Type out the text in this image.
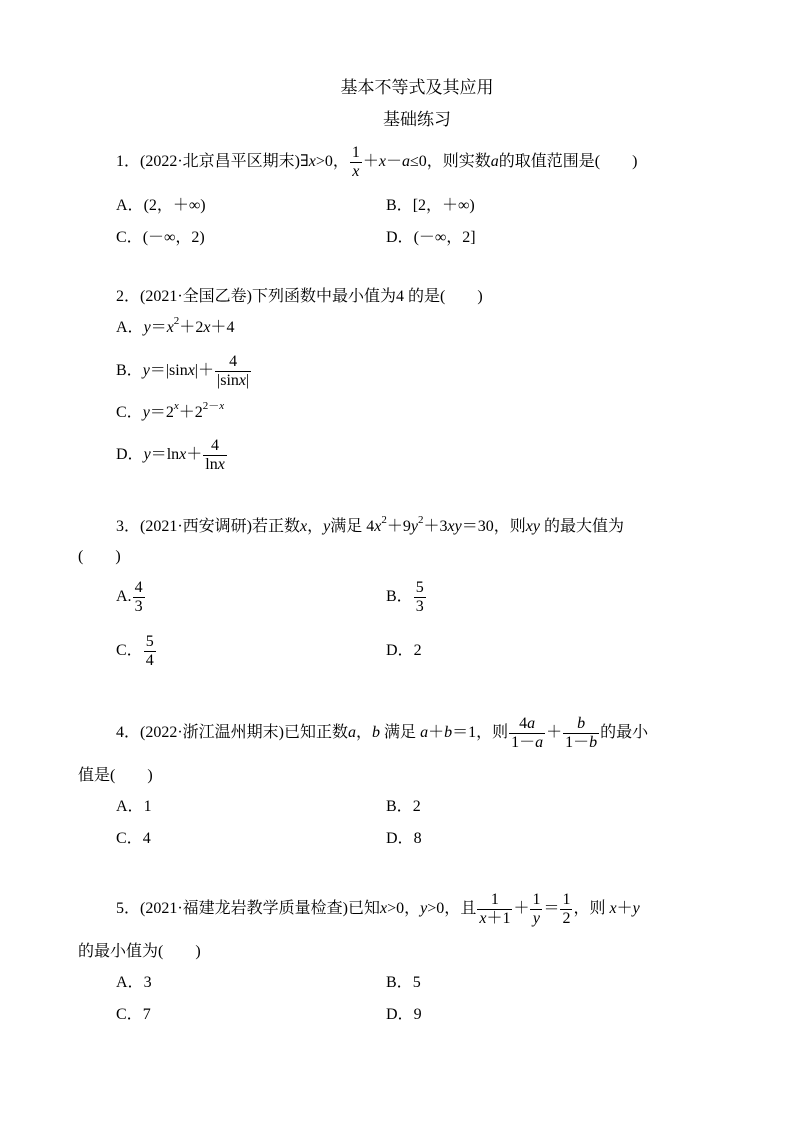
基本不等式及其应用
基础练习
1．(2022·北京昌平区期末)∃x>0， $\frac{1}{x} +x-a\le 0$，则实数a的取值范围是(　　)
A．(2，＋∞)	B．[2，＋∞)
C．(－∞，2)	D．(－∞，2]
2．(2021·全国乙卷)下列函数中最小值为4 的是(　　)
A．$y=x^2+2x+4$
B．$y=|\sin x|+ \frac{4}{|\sin x|}$
C．$y=2^x+2^{2-x}$
D．$y=\ln x+ \frac{4}{\ln x}$
3．(2021·西安调研)若正数x，y满足 $4x^2+9y^2+3xy=30$，则xy 的最大值为
(　　)
A. $\frac{4}{3}$	B． $\frac{5}{3}$
C． $\frac{5}{4}$	D．2
4．(2022·浙江温州期末)已知正数a，b 满足 a＋b＝1，则 $\frac{4a}{1-a} + \frac{b}{1-b}$ 的最小
值是(　　)
A．1	B．2
C．4	D．8
5．(2021·福建龙岩教学质量检查)已知x>0，y>0，且 $\frac{1}{x+1} + \frac{1}{y} = \frac{1}{2}$ ，则 x＋y
的最小值为(　　)
A．3	B．5
C．7	D．9
